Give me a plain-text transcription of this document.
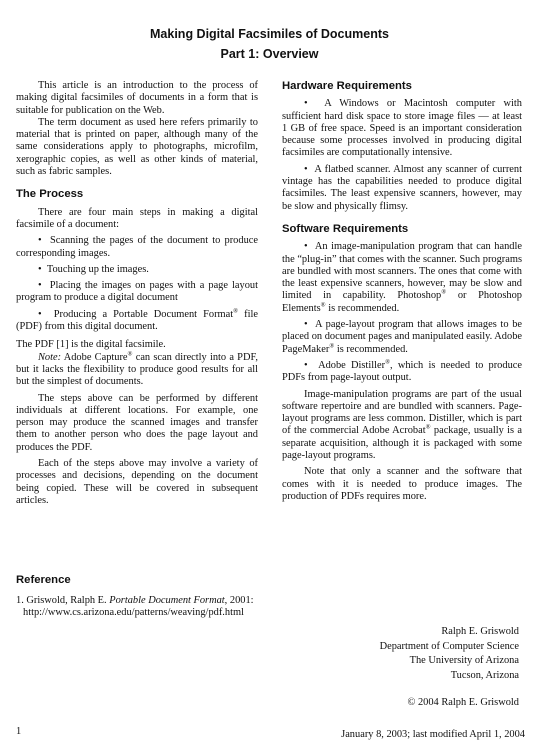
Making Digital Facsimiles of Documents
Part 1: Overview

This article is an introduction to the process of making digital facsimiles of documents in a form that is suitable for publication on the Web.

The term document as used here refers primarily to material that is printed on paper, although many of the same considerations apply to photographs, microfilm, xerographic copies, as well as other kinds of material, such as fabric samples.

The Process

There are four main steps in making a digital facsimile of a document:

•  Scanning the pages of the document to produce corresponding images.

•  Touching up the images.

•  Placing the images on pages with a page layout program to produce a digital document

•  Producing a Portable Document Format® file (PDF) from this digital document.

The PDF [1] is the digital facsimile.

Note: Adobe Capture® can scan directly into a PDF, but it lacks the flexibility to produce good results for all but the simplest of documents.

The steps above can be performed by different individuals at different locations. For example, one person may produce the scanned images and transfer them to another person who does the page layout and produces the PDF.

Each of the steps above may involve a variety of processes and decisions, depending on the document being copied. These will be covered in subsequent articles.

Hardware Requirements

•  A Windows or Macintosh computer with sufficient hard disk space to store image files — at least 1 GB of free space. Speed is an important consideration because some processes involved in producing digital facsimiles are computationally intensive.

•  A flatbed scanner. Almost any scanner of current vintage has the capabilities needed to produce digital facsimiles. The least expensive scanners, however, may be slow and physically flimsy.

Software Requirements

•  An image-manipulation program that can handle the “plug-in” that comes with the scanner. Such programs are bundled with most scanners. The ones that come with the least expensive scanners, however, may be slow and limited in capability. Photoshop® or Photoshop Elements® is recommended.

•  A page-layout program that allows images to be placed on document pages and manipulated easily. Adobe PageMaker® is recommended.

•  Adobe Distiller®, which is needed to produce PDFs from page-layout output.

Image-manipulation programs are part of the usual software repertoire and are bundled with scanners. Page-layout programs are less common. Distiller, which is part of the commercial Adobe Acrobat® package, usually is a separate acquisition, although it is packaged with some page-layout programs.

Note that only a scanner and the software that comes with it is needed to produce images. The production of PDFs requires more.

Reference
1. Griswold, Ralph E. Portable Document Format, 2001:
http://www.cs.arizona.edu/patterns/weaving/pdf.html
Ralph E. Griswold
Department of Computer Science
The University of Arizona
Tucson, Arizona
© 2004 Ralph E. Griswold
1	January 8, 2003; last modified April 1, 2004
